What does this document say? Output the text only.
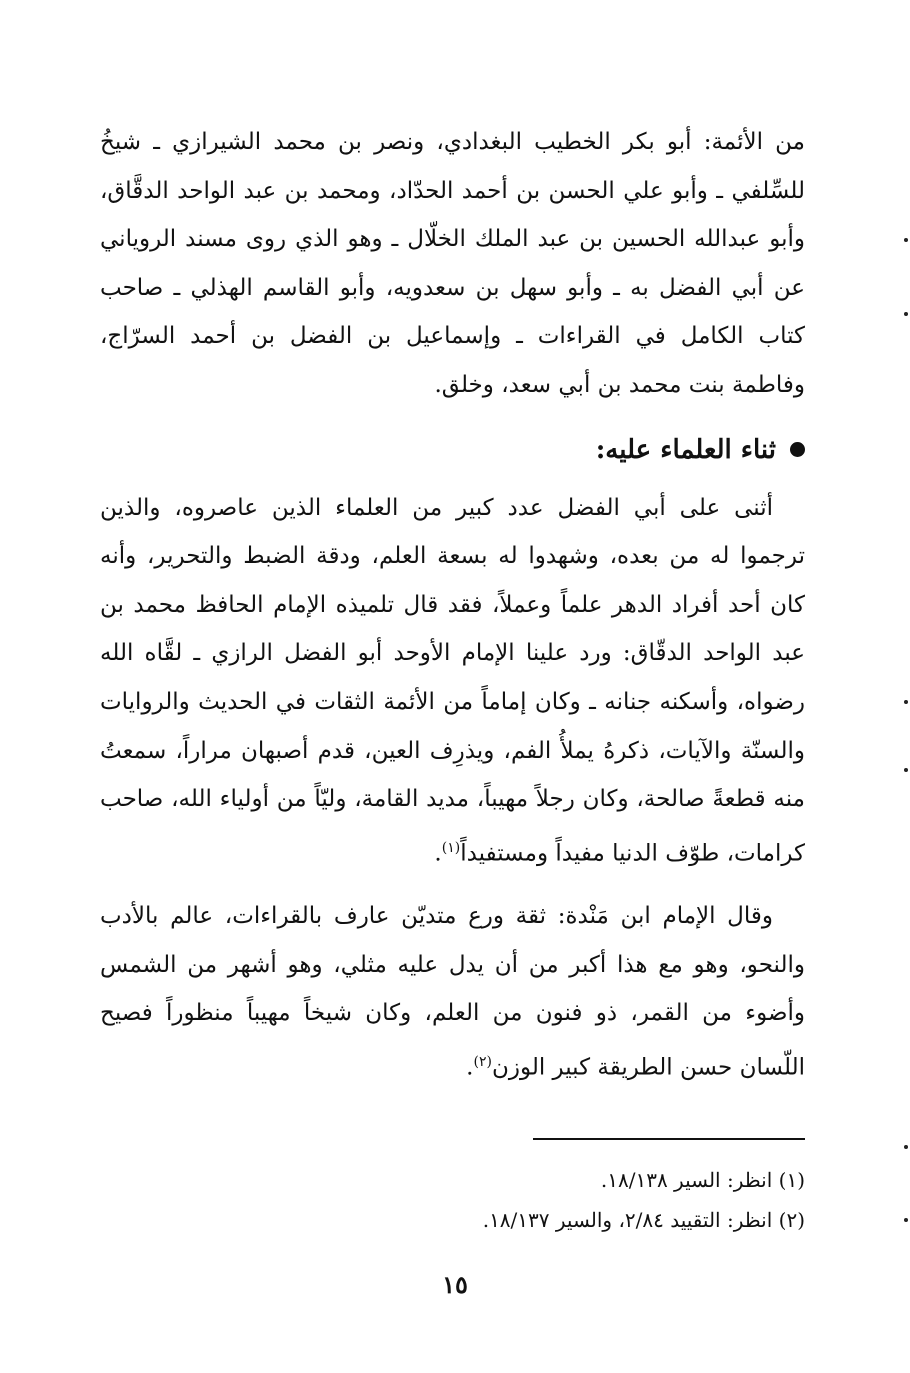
من الأئمة: أبو بكر الخطيب البغدادي، ونصر بن محمد الشيرازي ـ شيخُ للسِّلفي ـ وأبو علي الحسن بن أحمد الحدّاد، ومحمد بن عبد الواحد الدقَّاق، وأبو عبدالله الحسين بن عبد الملك الخلّال ـ وهو الذي روى مسند الروياني عن أبي الفضل به ـ وأبو سهل بن سعدويه، وأبو القاسم الهذلي ـ صاحب كتاب الكامل في القراءات ـ وإسماعيل بن الفضل بن أحمد السرّاج، وفاطمة بنت محمد بن أبي سعد، وخلق.

ثناء العلماء عليه:

أثنى على أبي الفضل عدد كبير من العلماء الذين عاصروه، والذين ترجموا له من بعده، وشهدوا له بسعة العلم، ودقة الضبط والتحرير، وأنه كان أحد أفراد الدهر علماً وعملاً، فقد قال تلميذه الإمام الحافظ محمد بن عبد الواحد الدقّاق: ورد علينا الإمام الأوحد أبو الفضل الرازي ـ لقَّاه الله رضواه، وأسكنه جنانه ـ وكان إماماً من الأئمة الثقات في الحديث والروايات والسنّة والآيات، ذكرهُ يملأُ الفم، ويذرِف العين، قدم أصبهان مراراً، سمعتُ منه قطعةً صالحة، وكان رجلاً مهيباً، مديد القامة، وليّاً من أولياء الله، صاحب كرامات، طوّف الدنيا مفيداً ومستفيداً$^{(١)}$.

وقال الإمام ابن مَنْدة: ثقة ورع متديّن عارف بالقراءات، عالم بالأدب والنحو، وهو مع هذا أكبر من أن يدل عليه مثلي، وهو أشهر من الشمس وأضوء من القمر، ذو فنون من العلم، وكان شيخاً مهيباً منظوراً فصيح اللّسان حسن الطريقة كبير الوزن$^{(٢)}$.

(١) انظر: السير ١٨/١٣٨.

(٢) انظر: التقييد ٢/٨٤، والسير ١٨/١٣٧.

١٥
